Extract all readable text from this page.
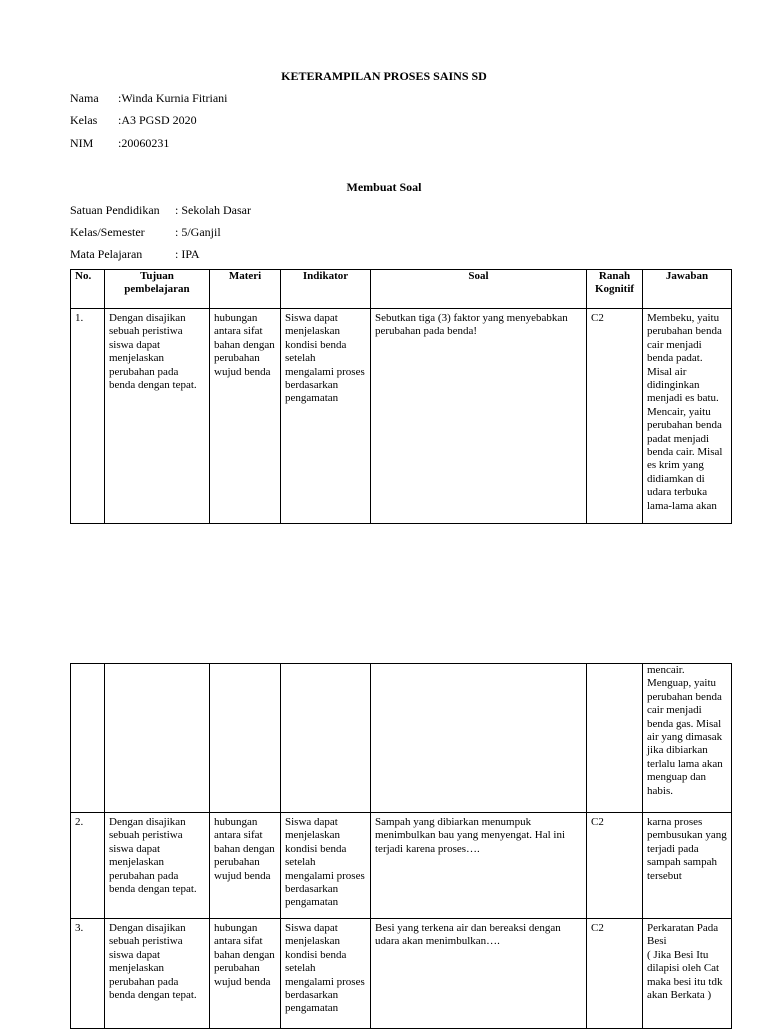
KETERAMPILAN PROSES SAINS SD
Nama :Winda Kurnia Fitriani
Kelas :A3 PGSD 2020
NIM :20060231
Membuat Soal
Satuan Pendidikan : Sekolah Dasar
Kelas/Semester	: 5/Ganjil
Mata Pelajaran	: IPA
No.	Tujuan pembelajaran	Materi	Indikator	Soal	Ranah Kognitif	Jawaban
1.	Dengan disajikan sebuah peristiwa siswa dapat menjelaskan perubahan pada benda dengan tepat.	hubungan antara sifat bahan dengan perubahan wujud benda	Siswa dapat menjelaskan kondisi benda setelah mengalami proses berdasarkan pengamatan	Sebutkan tiga (3) faktor yang menyebabkan perubahan pada benda!	C2	Membeku, yaitu perubahan benda cair menjadi benda padat. Misal air didinginkan menjadi es batu. Mencair, yaitu perubahan benda padat menjadi benda cair. Misal es krim yang didiamkan di udara terbuka lama-lama akan
						mencair. Menguap, yaitu perubahan benda cair menjadi benda gas. Misal air yang dimasak jika dibiarkan terlalu lama akan menguap dan habis.
2.	Dengan disajikan sebuah peristiwa siswa dapat menjelaskan perubahan pada benda dengan tepat.	hubungan antara sifat bahan dengan perubahan wujud benda	Siswa dapat menjelaskan kondisi benda setelah mengalami proses berdasarkan pengamatan	Sampah yang dibiarkan menumpuk menimbulkan bau yang menyengat. Hal ini terjadi karena proses….	C2	karna proses pembusukan yang terjadi pada sampah sampah tersebut
3.	Dengan disajikan sebuah peristiwa siswa dapat menjelaskan perubahan pada benda dengan tepat.	hubungan antara sifat bahan dengan perubahan wujud benda	Siswa dapat menjelaskan kondisi benda setelah mengalami proses berdasarkan pengamatan	Besi yang terkena air dan bereaksi dengan udara akan menimbulkan….	C2	Perkaratan Pada Besi
( Jika Besi Itu dilapisi oleh Cat maka besi itu tdk akan Berkata )
